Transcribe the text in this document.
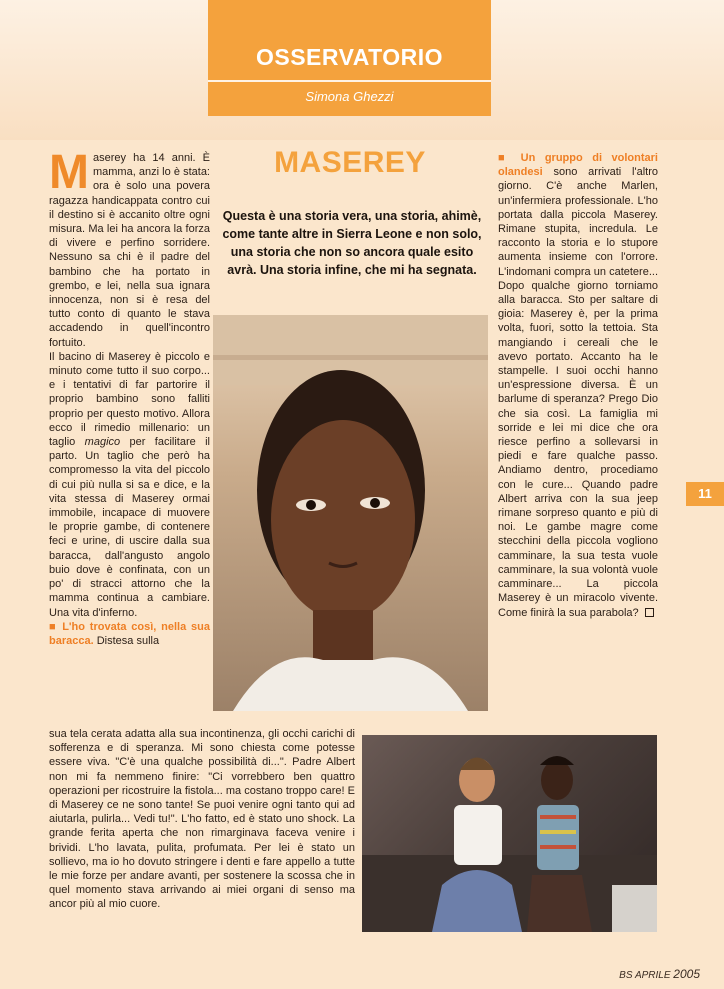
OSSERVATORIO
Simona Ghezzi
MASEREY
Questa è una storia vera, una storia, ahimè, come tante altre in Sierra Leone e non solo, una storia che non so ancora quale esito avrà. Una storia infine, che mi ha segnata.

Maserey ha 14 anni. È mamma, anzi lo è stata: ora è solo una povera ragazza handicappata contro cui il destino si è accanito oltre ogni misura. Ma lei ha ancora la forza di vivere e perfino sorridere. Nessuno sa chi è il padre del bambino che ha portato in grembo, e lei, nella sua ignara innocenza, non si è resa del tutto conto di quanto le stava accadendo in quell'incontro fortuito.

Il bacino di Maserey è piccolo e minuto come tutto il suo corpo... e i tentativi di far partorire il proprio bambino sono falliti proprio per questo motivo. Allora ecco il rimedio millenario: un taglio magico per facilitare il parto. Un taglio che però ha compromesso la vita del piccolo di cui più nulla si sa e dice, e la vita stessa di Maserey ormai immobile, incapace di muovere le proprie gambe, di contenere feci e urine, di uscire dalla sua baracca, dall'angusto angolo buio dove è confinata, con un po' di stracci attorno che la mamma continua a cambiare. Una vita d'inferno.

■ L'ho trovata così, nella sua baracca. Distesa sulla

sua tela cerata adatta alla sua incontinenza, gli occhi carichi di sofferenza e di speranza. Mi sono chiesta come potesse essere viva. "C'è una qualche possibilità di...". Padre Albert non mi fa nemmeno finire: "Ci vorrebbero ben quattro operazioni per ricostruire la fistola... ma costano troppo care! E di Maserey ce ne sono tante! Se puoi venire ogni tanto qui ad aiutarla, pulirla... Vedi tu!". L'ho fatto, ed è stato uno shock. La grande ferita aperta che non rimarginava faceva venire i brividi. L'ho lavata, pulita, profumata. Per lei è stato un sollievo, ma io ho dovuto stringere i denti e fare appello a tutte le mie forze per andare avanti, per sostenere la scossa che in quel momento stava arrivando ai miei organi di senso ma ancor più al mio cuore.

■ Un gruppo di volontari olandesi sono arrivati l'altro giorno. C'è anche Marlen, un'infermiera professionale. L'ho portata dalla piccola Maserey. Rimane stupita, incredula. Le racconto la storia e lo stupore aumenta insieme con l'orrore. L'indomani compra un catetere... Dopo qualche giorno torniamo alla baracca. Sto per saltare di gioia: Maserey è, per la prima volta, fuori, sotto la tettoia. Sta mangiando i cereali che le avevo portato. Accanto ha le stampelle. I suoi occhi hanno un'espressione diversa. È un barlume di speranza? Prego Dio che sia così. La famiglia mi sorride e lei mi dice che ora riesce perfino a sollevarsi in piedi e fare qualche passo. Andiamo dentro, procediamo con le cure... Quando padre Albert arriva con la sua jeep rimane sorpreso quanto e più di noi. Le gambe magre come stecchini della piccola vogliono camminare, la sua testa vuole camminare, la sua volontà vuole camminare... La piccola Maserey è un miracolo vivente. Come finirà la sua parabola?

11
BS APRILE 2005
